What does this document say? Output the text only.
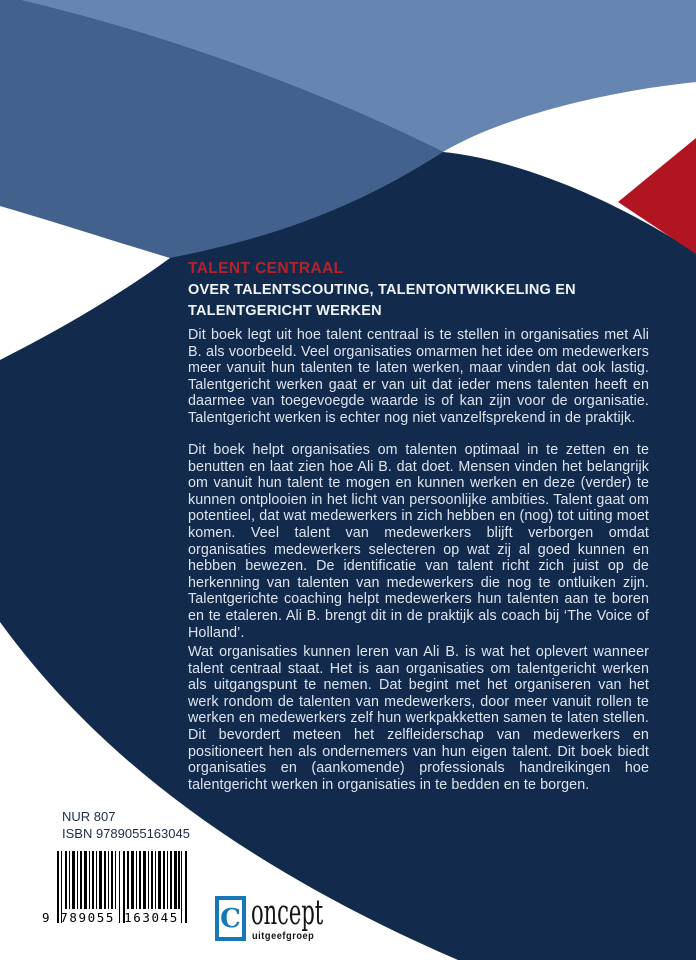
TALENT CENTRAAL
OVER TALENTSCOUTING, TALENTONTWIKKELING EN
TALENTGERICHT WERKEN

Dit boek legt uit hoe talent centraal is te stellen in organisaties met Ali B. als voorbeeld. Veel organisaties omarmen het idee om medewerkers meer vanuit hun talenten te laten werken, maar vinden dat ook lastig. Talentgericht werken gaat er van uit dat ieder mens talenten heeft en daarmee van toegevoegde waarde is of kan zijn voor de organisatie. Talentgericht werken is echter nog niet vanzelfsprekend in de praktijk.

Dit boek helpt organisaties om talenten optimaal in te zetten en te benutten en laat zien hoe Ali B. dat doet. Mensen vinden het belangrijk om vanuit hun talent te mogen en kunnen werken en deze (verder) te kunnen ontplooien in het licht van persoonlijke ambities. Talent gaat om potentieel, dat wat medewerkers in zich hebben en (nog) tot uiting moet komen. Veel talent van medewerkers blijft verborgen omdat organisaties medewerkers selecteren op wat zij al goed kunnen en hebben bewezen. De identificatie van talent richt zich juist op de herkenning van talenten van medewerkers die nog te ontluiken zijn. Talentgerichte coaching helpt medewerkers hun talenten aan te boren en te etaleren. Ali B. brengt dit in de praktijk als coach bij ‘The Voice of Holland’.

Wat organisaties kunnen leren van Ali B. is wat het oplevert wanneer talent centraal staat. Het is aan organisaties om talentgericht werken als uitgangspunt te nemen. Dat begint met het organiseren van het werk rondom de talenten van medewerkers, door meer vanuit rollen te werken en medewerkers zelf hun werkpakketten samen te laten stellen. Dit bevordert meteen het zelfleiderschap van medewerkers en positioneert hen als ondernemers van hun eigen talent. Dit boek biedt organisaties en (aankomende) professionals handreikingen hoe talentgericht werken in organisaties in te bedden en te borgen.

NUR 807
ISBN 9789055163045
9 789055 163045	C oncept
uitgeefgroep
